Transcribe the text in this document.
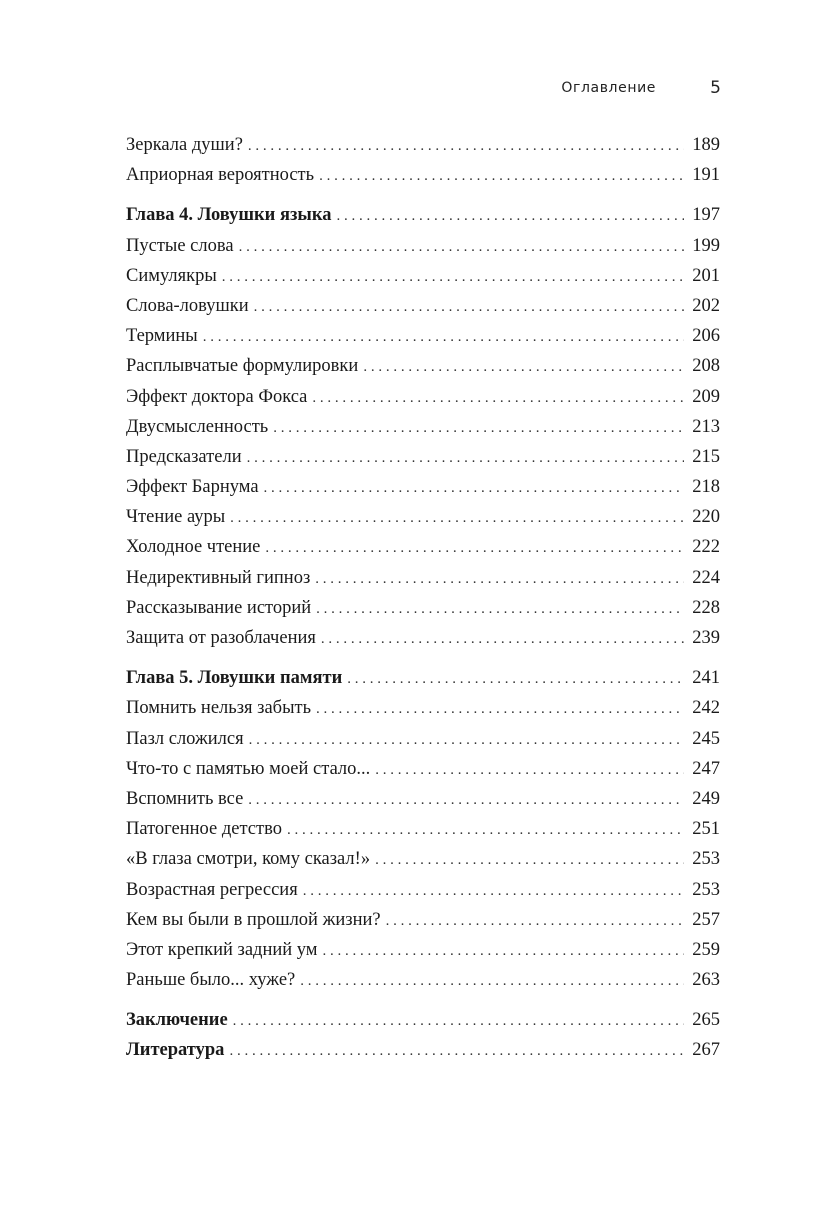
Оглавление	5
Зеркала души? . . .	189
Априорная вероятность . . .	191
Глава 4. Ловушки языка . . .	197
Пустые слова . . .	199
Симулякры . . .	201
Слова-ловушки . . .	202
Термины . . .	206
Расплывчатые формулировки . . .	208
Эффект доктора Фокса . . .	209
Двусмысленность . . .	213
Предсказатели . . .	215
Эффект Барнума . . .	218
Чтение ауры . . .	220
Холодное чтение . . .	222
Недирективный гипноз . . .	224
Рассказывание историй . . .	228
Защита от разоблачения . . .	239
Глава 5. Ловушки памяти . . .	241
Помнить нельзя забыть . . .	242
Пазл сложился . . .	245
Что-то с памятью моей стало... . . .	247
Вспомнить все . . .	249
Патогенное детство . . .	251
«В глаза смотри, кому сказал!» . . .	253
Возрастная регрессия . . .	253
Кем вы были в прошлой жизни? . . .	257
Этот крепкий задний ум . . .	259
Раньше было... хуже? . . .	263
Заключение . . .	265
Литература . . .	267
